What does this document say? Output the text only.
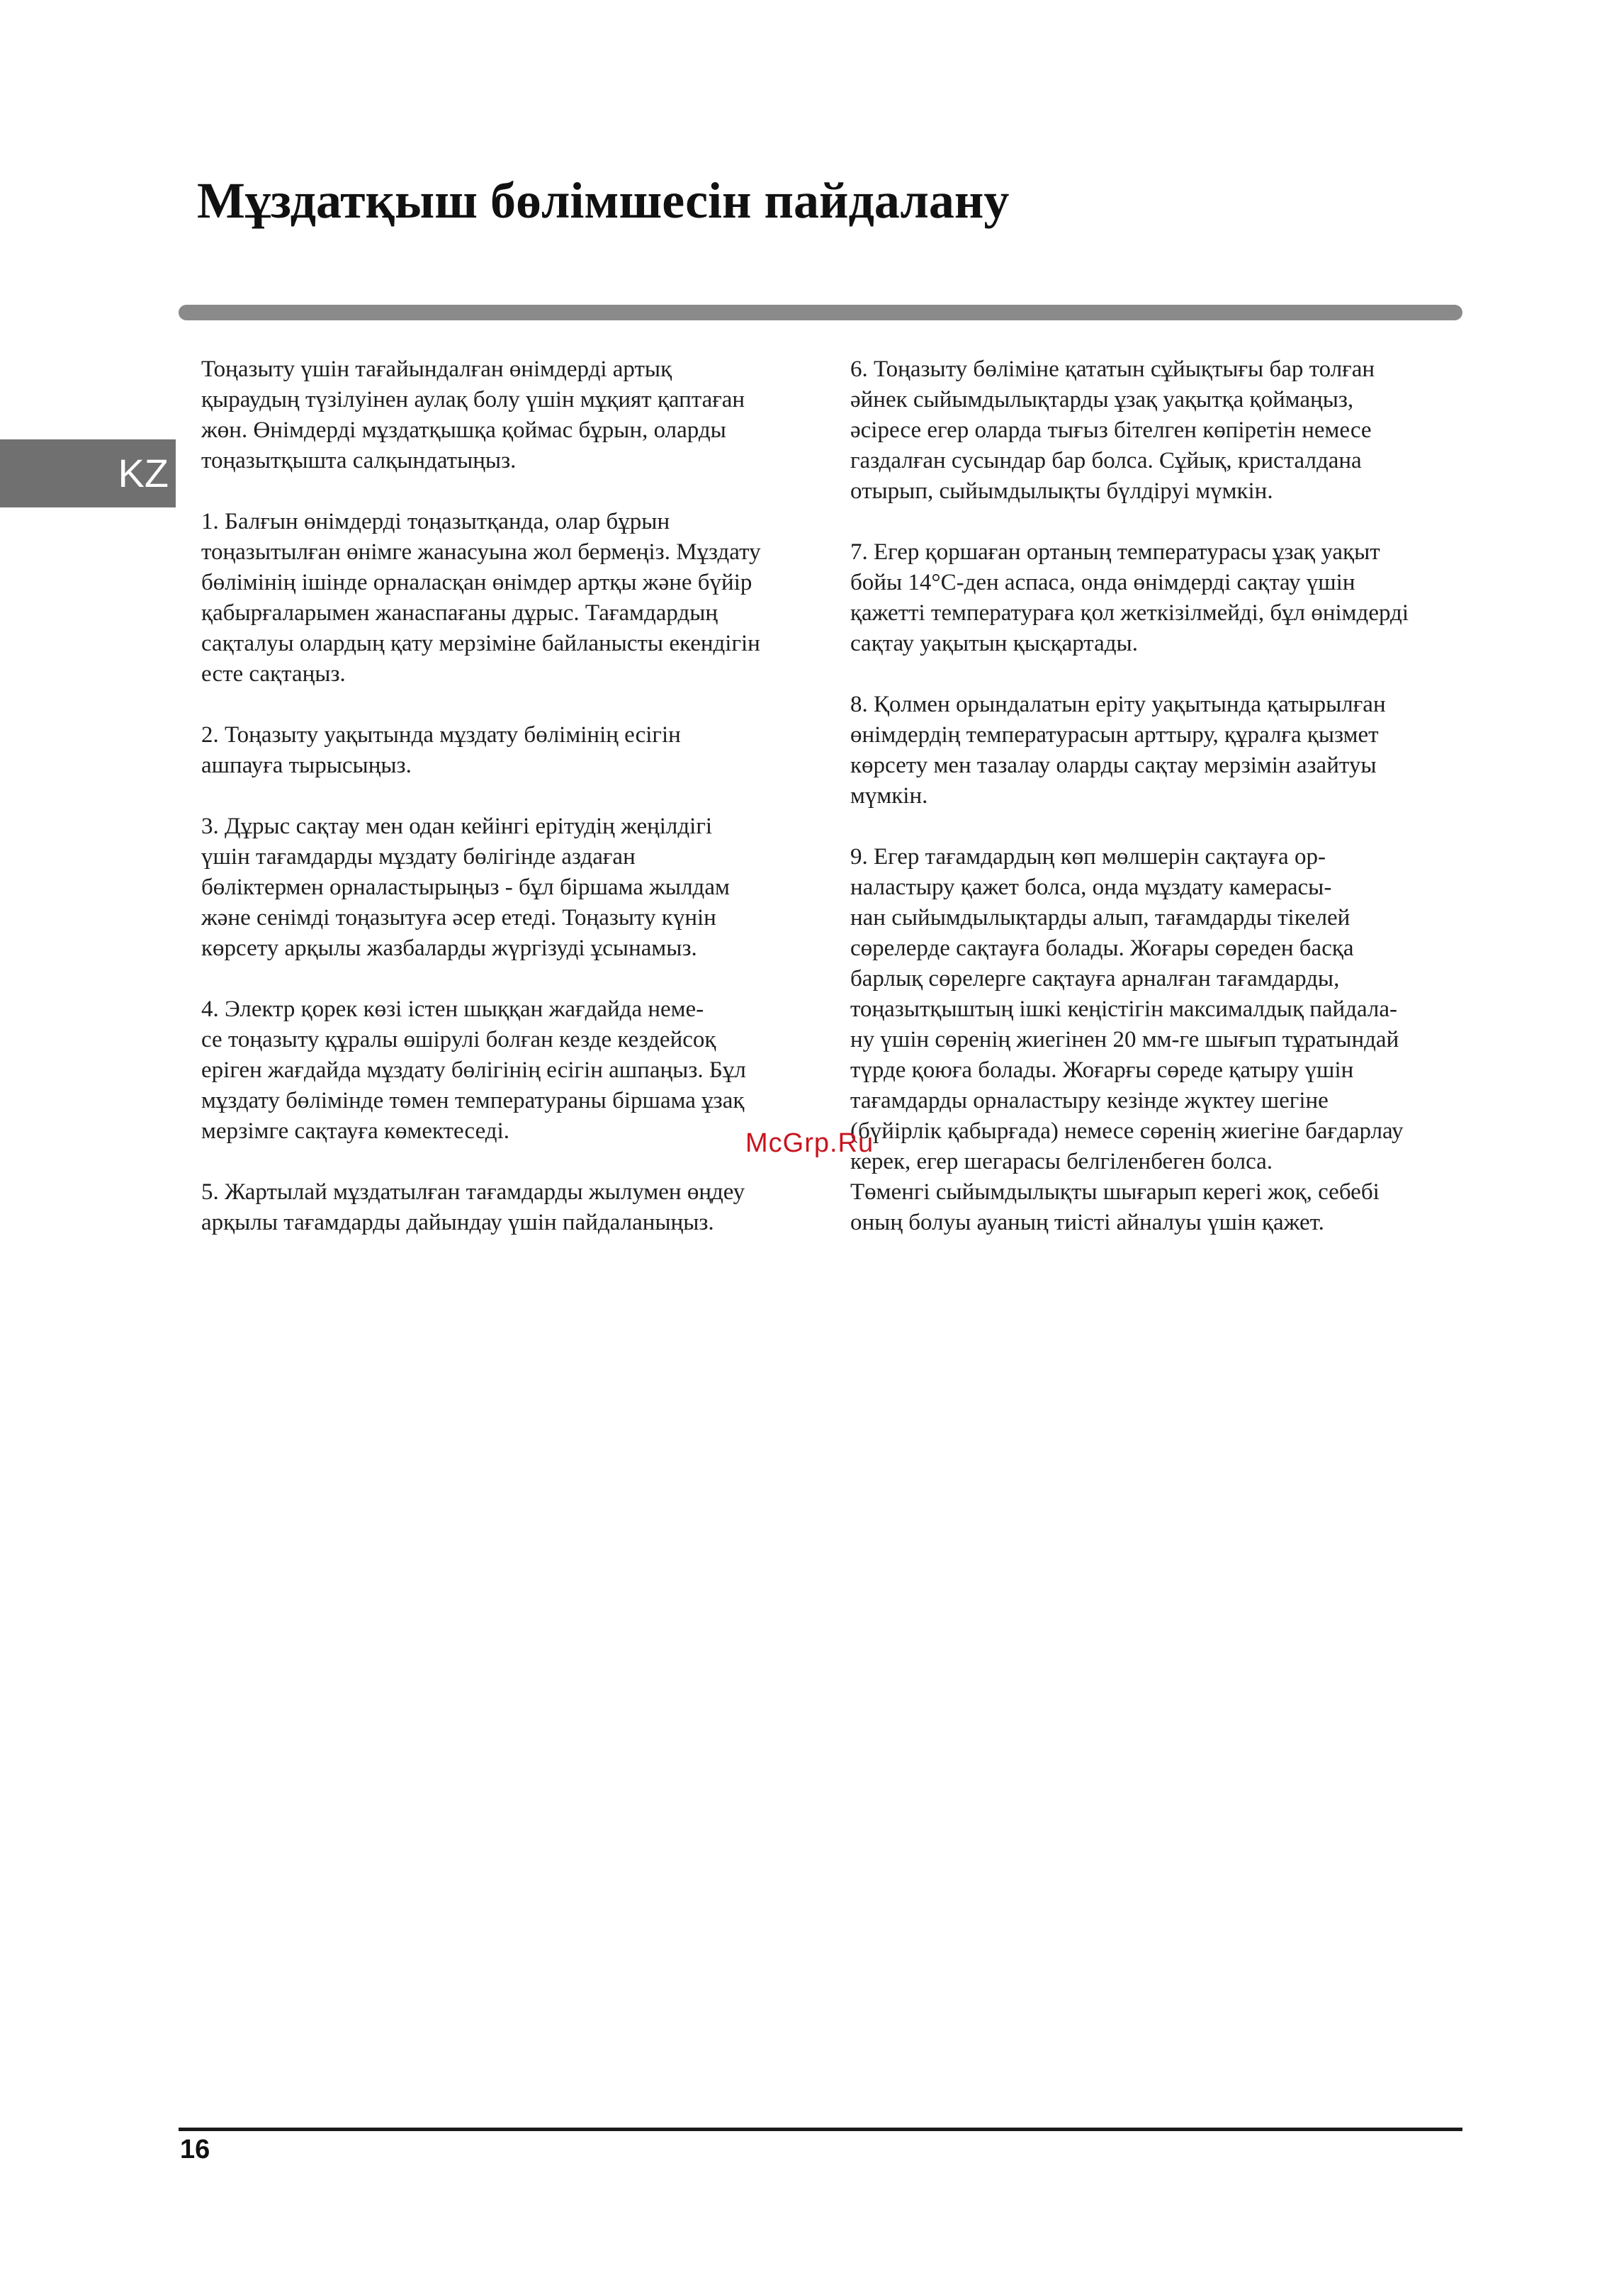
Мұздатқыш бөлімшесін пайдалану
KZ
Тоңазыту үшін тағайындалған өнімдерді артық
қыраудың түзілуінен аулақ болу үшін мұқият қаптаған
жөн. Өнімдерді мұздатқышқа қоймас бұрын, оларды
тоңазытқышта салқындатыңыз.
1. Балғын өнімдерді тоңазытқанда, олар бұрын
тоңазытылған өнімге жанасуына жол бермеңіз. Мұздату
бөлімінің ішінде орналасқан өнімдер артқы және бүйір
қабырғаларымен жанаспағаны дұрыс. Тағамдардың
сақталуы олардың қату мерзіміне байланысты екендігін
есте сақтаңыз.
2. Тоңазыту уақытында мұздату бөлімінің есігін
ашпауға тырысыңыз.
3. Дұрыс сақтау мен одан кейінгі ерітудің жеңілдігі
үшін тағамдарды мұздату бөлігінде аздаған
бөліктермен орналастырыңыз - бұл біршама жылдам
және сенімді тоңазытуға әсер етеді. Тоңазыту күнін
көрсету арқылы жазбаларды жүргізуді ұсынамыз.
4. Электр қорек көзі істен шыққан жағдайда неме-
се тоңазыту құралы өшірулі болған кезде кездейсоқ
еріген жағдайда мұздату бөлігінің есігін ашпаңыз. Бұл
мұздату бөлімінде төмен температураны біршама ұзақ
мерзімге сақтауға көмектеседі.
5. Жартылай мұздатылған тағамдарды жылумен өңдеу
арқылы тағамдарды дайындау үшін пайдаланыңыз.
6. Тоңазыту бөліміне қататын сұйықтығы бар толған
әйнек сыйымдылықтарды ұзақ уақытқа қоймаңыз,
әсіресе егер оларда тығыз бітелген көпіретін немесе
газдалған сусындар бар болса. Сұйық, кристалдана
отырып, сыйымдылықты бүлдіруі мүмкін.
7. Егер қоршаған ортаның температурасы ұзақ уақыт
бойы 14°С-ден аспаса, онда өнімдерді сақтау үшін
қажетті температураға қол жеткізілмейді, бұл өнімдерді
сақтау уақытын қысқартады.
8. Қолмен орындалатын еріту уақытында қатырылған
өнімдердің температурасын арттыру, құралға қызмет
көрсету мен тазалау оларды сақтау мерзімін азайтуы
мүмкін.
9. Егер тағамдардың көп мөлшерін сақтауға ор-
наластыру қажет болса, онда мұздату камерасы-
нан сыйымдылықтарды алып, тағамдарды тікелей
сөрелерде сақтауға болады. Жоғары сөреден басқа
барлық сөрелерге сақтауға арналған тағамдарды,
тоңазытқыштың ішкі кеңістігін максималдық пайдала-
ну үшін сөренің жиегінен 20 мм-ге шығып тұратындай
түрде қоюға болады. Жоғарғы сөреде қатыру үшін
тағамдарды орналастыру кезінде жүктеу шегіне
(бүйірлік қабырғада) немесе сөренің жиегіне бағдарлау
керек, егер шегарасы белгіленбеген болса.
Төменгі сыйымдылықты шығарып керегі жоқ, себебі
оның болуы ауаның тиісті айналуы үшін қажет.
McGrp.Ru
16
